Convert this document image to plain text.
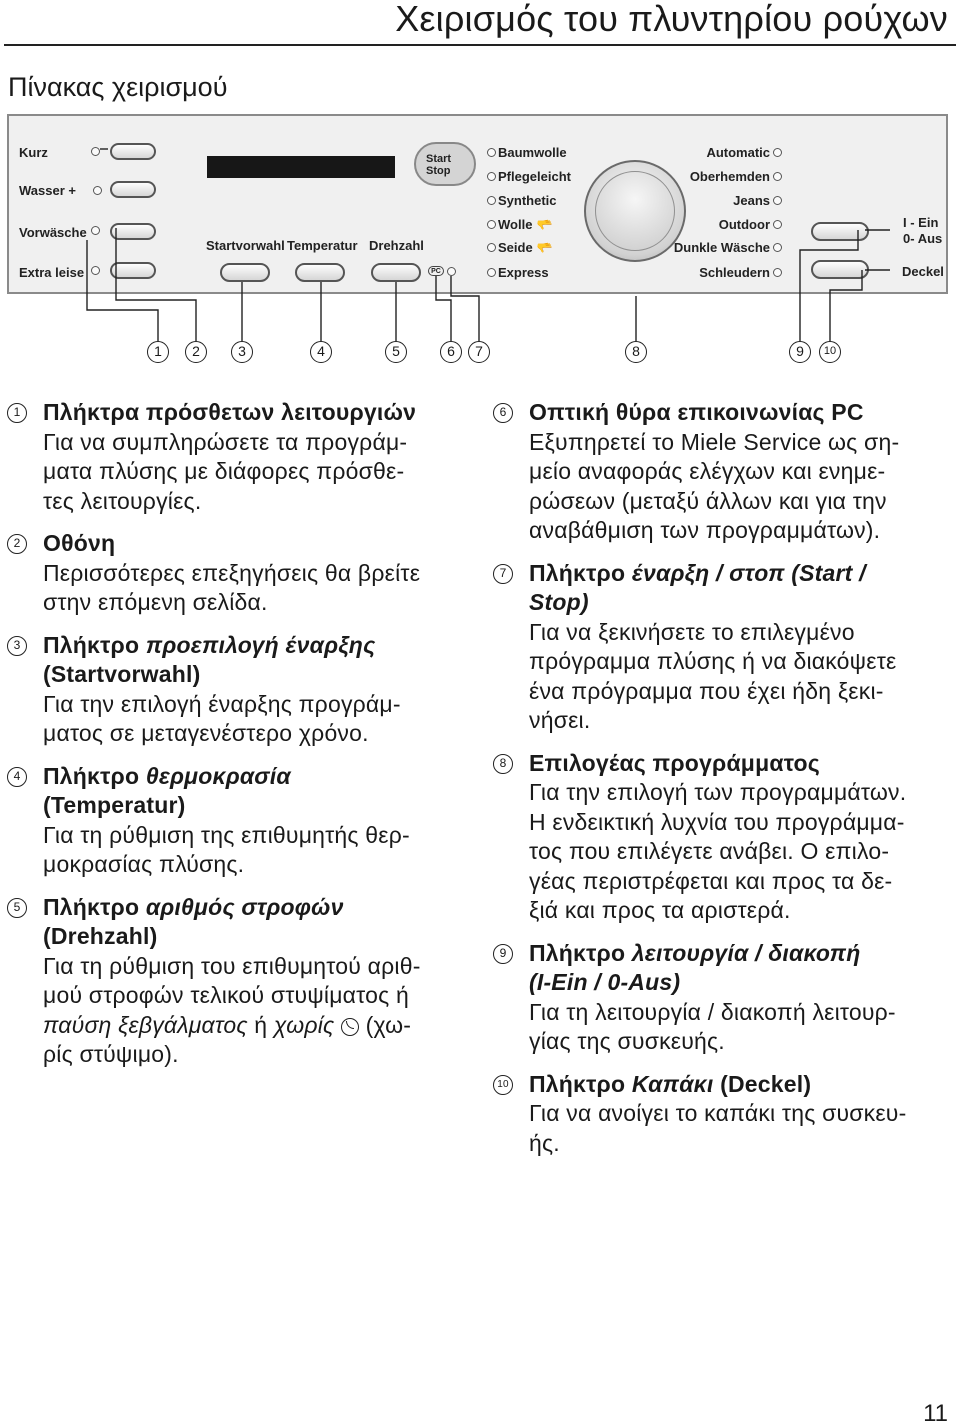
Χειρισμός του πλυντηρίου ρούχων
Πίνακας χειρισμού
Kurz
Wasser +
Vorwäsche
Extra leise
Start
Stop
Startvorwahl Temperatur Drehzahl
PC
Baumwolle
Pflegeleicht
Synthetic
Wolle 🫳
Seide 🫳
Express
Automatic
Oberhemden
Jeans
Outdoor
Dunkle Wäsche
Schleudern
I - Ein
0- Aus
Deckel
1	2	3	4	5	6	7	8	9	10
1 Πλήκτρα πρόσθετων λειτουργιών
Για να συμπληρώσετε τα προγράμ-
ματα πλύσης με διάφορες πρόσθε-
τες λειτουργίες.
2 Οθόνη
Περισσότερες επεξηγήσεις θα βρείτε
στην επόμενη σελίδα.
3 Πλήκτρο προεπιλογή έναρξης
(Startvorwahl)
Για την επιλογή έναρξης προγράμ-
ματος σε μεταγενέστερο χρόνο.
4 Πλήκτρο θερμοκρασία
(Temperatur)
Για τη ρύθμιση της επιθυμητής θερ-
μοκρασίας πλύσης.
5 Πλήκτρο αριθμός στροφών
(Drehzahl)
Για τη ρύθμιση του επιθυμητού αριθ-
μού στροφών τελικού στυψίματος ή
παύση ξεβγάλματος ή χωρίς
(χω-
ρίς στύψιμο).
6 Οπτική θύρα επικοινωνίας PC
Εξυπηρετεί το Miele Service ως ση-
μείο αναφοράς ελέγχων και ενημε-
ρώσεων (μεταξύ άλλων και για την
αναβάθμιση των προγραμμάτων).
7 Πλήκτρο έναρξη / στοπ (Start /
Stop)
Για να ξεκινήσετε το επιλεγμένο
πρόγραμμα πλύσης ή να διακόψετε
ένα πρόγραμμα που έχει ήδη ξεκι-
νήσει.
8 Επιλογέας προγράμματος
Για την επιλογή των προγραμμάτων.
Η ενδεικτική λυχνία του προγράμμα-
τος που επιλέγετε ανάβει. Ο επιλο-
γέας περιστρέφεται και προς τα δε-
ξιά και προς τα αριστερά.
9 Πλήκτρο λειτουργία / διακοπή
(I-Ein / 0-Aus)
Για τη λειτουργία / διακοπή λειτουρ-
γίας της συσκευής.
10 Πλήκτρο Καπάκι (Deckel)
Για να ανοίγει το καπάκι της συσκευ-
ής.
11
